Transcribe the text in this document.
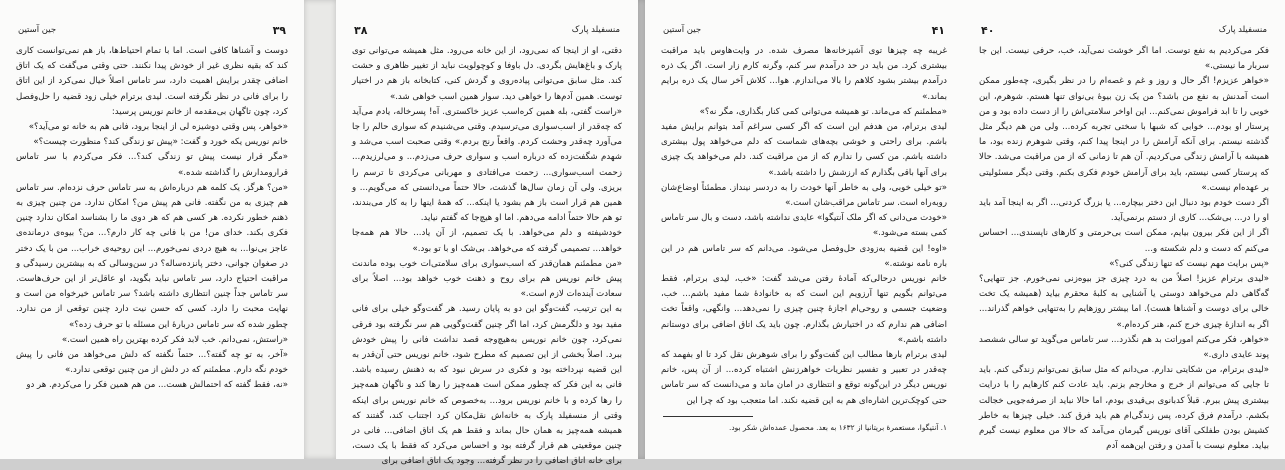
جین آستین	۳۹
دوست و آشناها کافی است. اما با تمام احتیاط‌ها، باز هم نمی‌توانست کاری کند که بقیه نظری غیر از خودش پیدا نکنند. حتی وقتی می‌گفت که یک اتاق اضافی چقدر برایش اهمیت دارد، سر تاماس اصلاً خیال نمی‌کرد از این اتاق را برای فانی در نظر نگرفته است. لیدی برترام خیلی زود قضیه را حل‌وفصل کرد، چون تاگهان بی‌مقدمه از خانم نوریس پرسید:
«خواهر، پس وقتی دوشیزه لی از اینجا برود، فانی هم به خانه تو می‌آید؟»
خانم نوریس یکه خورد و گفت: «پیش تو زندگی کند؟ منظورت چیست؟»
«مگر قرار نیست پیش تو زندگی کند؟... فکر می‌کردم با سر تاماس قرارومدارش را گذاشته شده.»
«من؟ هرگز. یک کلمه هم درباره‌اش به سر تاماس حرف نزده‌ام. سر تاماس هم چیزی به من نگفته. فانی هم پیش من؟ امکان ندارد. من چنین چیزی به ذهنم خطور نکرده. هر کسی هم که هر دوی ما را بشناسد امکان ندارد چنین فکری بکند. خدای من! من با فانی چه کار دارم؟... من؟ بیوه‌ی درمانده‌ی عاجز بی‌نوا... به هیچ دردی نمی‌خورم... این روحیه‌ی خراب... من با یک دختر در صغوان جوانی، دختر پانزده‌ساله؟ در سن‌وسالی که به بیشترین رسیدگی و مراقبت احتیاج دارد، سر تاماس نباید بگوید، او عاقل‌تر از این حرف‌هاست. سر تاماس جداً چنین انتظاری داشته باشد؟ سر تاماس خیرخواه من است و نهایت محبت را دارد. کسی که حسن نیت دارد چنین توقعی از من ندارد. چطور شده که سر تاماس دربارهٔ این مسئله با تو حرف زده؟»
«راستش، نمی‌دانم. خب لابد فکر کرده بهترین راه همین است.»
«آخر، به تو چه گفته؟... حتماً نگفته که دلش می‌خواهد من فانی را پیش خودم نگه دارم. مطمئنم که در دلش از من چنین توقعی ندارد.»
«نه، فقط گفته که احتمالش هست... من هم همین فکر را می‌کردم. هر دو
۳۸	منسفیلد پارک
دقتی، او از اینجا که نمی‌رود، از این خانه می‌رود. مثل همیشه می‌توانی توی پارک و باغ‌هایش بگردی. دل باوفا و کوچولویت نباید از تغییر ظاهری و حشت کند. مثل سابق می‌توانی پیاده‌روی و گردش کنی، کتابخانه باز هم در اختیار توست. همین آدم‌ها را خواهی دید. سوار همین اسب خواهی شد.»
«راست گفتی، بله همین کره‌اسب عزیز خاکستری. آه! پسرخاله، یادم می‌آید که چه‌قدر از اسب‌سواری می‌ترسیدم. وقتی می‌شنیدم که سواری حالم را جا می‌آورد چه‌قدر وحشت کردم. واقعاً رنج بردم.» وقتی صحبت اسب می‌شد و شهدم شگفت‌زده که درباره اسب و سواری حرف می‌زدم... و می‌لرزیدم... زحمت اسب‌سواری... زحمت می‌افتادی و مهربانی می‌کردی تا ترسم را بریزی. ولی آن زمان سال‌ها گذشت، حالا حتماً می‌دانستی که می‌گویم... و همین هم قرار است باز هم بشود یا اینکه... که همهٔ اینها را به کار می‌بندند، تو هم حالا حتماً ادامه می‌دهم. اما او هیچ‌جا که گفتم نیاید.
خودشیفته و دلم می‌خواهد. با یک تصمیم، از آن یاد... حالا هم همه‌جا خواهد... تصمیمی گرفته که می‌خواهد. بی‌شک او با تو بود.»
«من مطمئنم همان‌قدر که اسب‌سواری برای سلامتی‌ات خوب بوده ماندنت پیش خانم نوریس هم برای روح و ذهنت خوب خواهد بود... اصلاً برای سعادت آینده‌ات لازم است.»
به این ترتیب، گفت‌وگو این دو به پایان رسید. هر گفت‌وگو خیلی برای فانی مفید بود و دلگرمش کرد، اما اگر چنین گفت‌وگویی هم سر نگرفته بود فرقی نمی‌کرد، چون خانم نوریس به‌هیچ‌وجه قصد نداشت فانی را پیش خودش ببرد. اصلاً بخشی از این تصمیم که مطرح شود، خانم نوریس حتی آن‌قدر به این قضیه نپرداخته بود و فکری در سرش نبود که به ذهنش رسیده باشد. فانی به این فکر که چطور ممکن است همه‌چیز را رها کند و ناگهان همه‌چیز را رها کرده و با خانم نوریس برود... به‌خصوص که خانم نوریس برای اینکه وقتی از منسفیلد پارک به خانه‌اش نقل‌مکان کرد اجتناب کند، گفتند که همیشه همه‌چیز به همان حال بماند و فقط هم یک اتاق اضافی... فانی در چنین موقعیتی هم قرار گرفته بود و احساس می‌کرد که فقط با یک دست، برای خانه اتاق اضافی را در نظر گرفته... وجود یک اتاق اضافی برای
جین آستین	۴۱
غریبه چه چیزها توی آشپزخانه‌ها مصرف شده. در وایت‌هاوس باید مراقبت بیشتری کرد. من باید در حد درآمدم سر کنم، وگرنه کارم زار است. اگر یک ذره درآمدم بیشتر بشود کلاهم را بالا می‌اندازم. هوا... کلاش آخر سال یک ذره برایم بماند.»
«مطمئنم که می‌ماند. تو همیشه می‌توانی کمی کنار بگذاری، مگر نه؟»
لیدی برترام، من هدفم این است که اگر کسی سراغم آمد بتوانم برایش مفید باشم. برای راحتی و خوشی بچه‌های شماست که دلم می‌خواهد پول بیشتری داشته باشم. من کسی را ندارم که از من مراقبت کند. دلم می‌خواهد یک چیزی برای آنها باقی بگذارم که ارزشش را داشته باشد.»
«تو خیلی خوبی، ولی به خاطر آنها خودت را به دردسر نینداز. مطمئناً اوضاع‌شان روبه‌راه است. سر تاماس مراقب‌شان است.»
«خودت می‌دانی که اگر ملک آنتیگوا» عایدی نداشته باشد، دست و بال سر تاماس کمی بسته می‌شود.»
«اوه! این قضیه به‌زودی حل‌وفصل می‌شود. می‌دانم که سر تاماس هم در این باره نامه نوشته.»
خانم نوریس درحالی‌که آمادهٔ رفتن می‌شد گفت: «خب، لیدی برترام، فقط می‌توانم بگویم تنها آرزویم این است که به خانوادهٔ شما مفید باشم... خب، وضعیت جسمی و روحی‌ام اجازهٔ چنین چیزی را نمی‌دهد... وانگهی، واقعاً تخت اضافی هم ندارم که در اختیارش بگذارم. چون باید یک اتاق اضافی برای دوستانم داشته باشم.»
لیدی برترام بارها مطالب این گفت‌وگو را برای شوهرش نقل کرد تا او بفهمد که چه‌قدر در تعبیر و تفسیر نظریات خواهرزنش اشتباه کرده... از آن پس، خانم نوریس دیگر در این‌گونه توقع و انتظاری در امان ماند و می‌دانست که سر تاماس حتی کوچک‌ترین اشاره‌ای هم به این قضیه نکند. اما متعجب بود که چرا این
۱. آنتیگوا، مستعمرهٔ بریتانیا از ۱۶۳۲ به بعد. محصول عمده‌اش شکر بود.
۴۰	منسفیلد پارک
فکر می‌کردیم به نفع توست. اما اگر خوشت نمی‌آید، خب، حرفی نیست. این جا سربار ما نیستی.»
«خواهر عزیزم! اگر حال و روز و غم و غصه‌ام را در نظر بگیری، چه‌طور ممکن است آمدنش به نفع من باشد؟ من یک زن بیوهٔ بی‌نوای تنها هستم. شوهرم، این خوبی را تا ابد فراموش نمی‌کنم... این اواخر سلامتی‌اش را از دست داده بود و من پرستار او بودم... خوابی که شبها با سختی تجربه کرده... ولی من هم دیگر مثل گذشته نیستم. برای آنکه آرامش را در اینجا پیدا کنم، وقتی شوهرم زنده بود، ما همیشه با آرامش زندگی می‌کردیم. آن هم تا زمانی که از من مراقبت می‌شد. حالا که پرستار کسی نیستم، باید برای آرامش خودم فکری بکنم. وقتی دیگر مسئولیتی بر عهده‌ام نیست.»
اگر دست خودم بود دنبال این دختر بیچاره... یا بزرگ کردنی... اگر به اینجا آمد باید او را در... بی‌شک... کاری از دستم برنمی‌آید.
اگر از این فکر بیرون بیایم، ممکن است بی‌حرمتی و کارهای ناپسندی... احساس می‌کنم که دست و دلم شکسته و...
«پس برایت مهم نیست که تنها زندگی کنی؟»
«لیدی برترام عزیز! اصلاً من به درد چیزی جز بیوه‌زنی نمی‌خورم. جز تنهایی؟ گه‌گاهی دلم می‌خواهد دوستی یا آشنایی به کلبهٔ محقرم بیاید (همیشه یک تخت خالی برای دوست و آشناها هست). اما بیشتر روزهایم را به‌تنهایی خواهم گذراند... اگر به اندازهٔ چیزی خرج کنم، هنر کرده‌ام.»
«خواهر، فکر می‌کنم اموراتت بد هم نگذرد... سر تاماس می‌گوید تو سالی ششصد پوند عایدی داری.»
«لیدی برترام، من شکایتی ندارم. می‌دانم که مثل سابق نمی‌توانم زندگی کنم. باید تا جایی که می‌توانم از خرج و مخارجم بزنم. باید عادت کنم کارهایم را با درایت بیشتری پیش ببرم. قبلاً کدبانوی بی‌قیدی بودم، اما حالا نباید از صرفه‌جویی خجالت بکشم. درآمدم فرق کرده، پس زندگی‌ام هم باید فرق کند. خیلی چیزها به خاطر کشیش بودن طفلکی آقای نوریس گیرمان می‌آمد که حالا من معلوم نیست گیرم بیاید. معلوم نیست با آمدن و رفتن این‌همه آدم
